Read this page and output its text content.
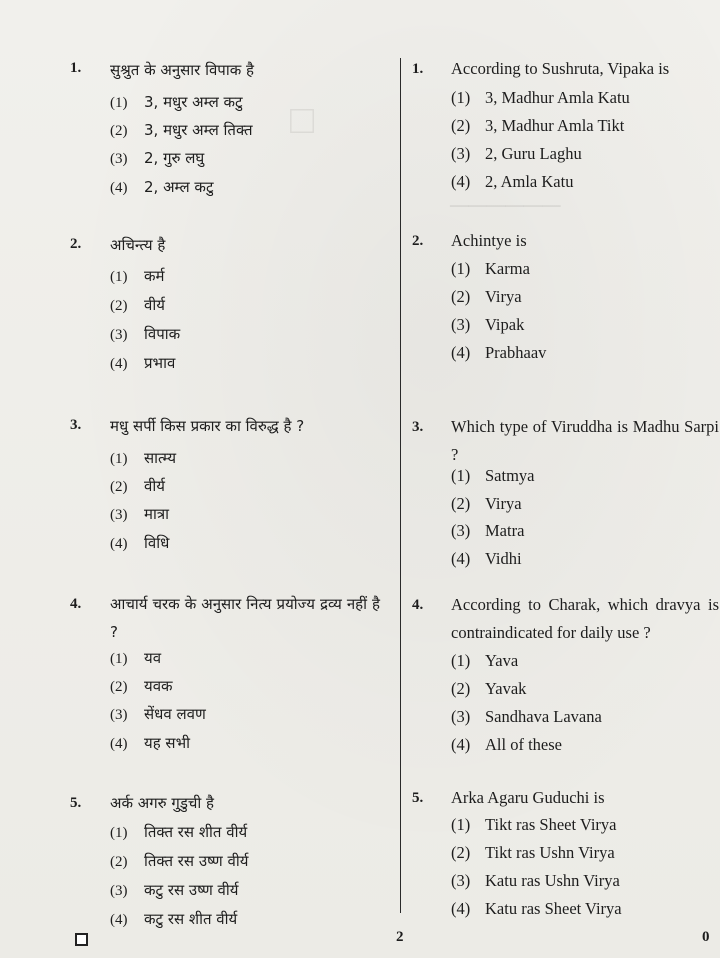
□
──────
1. सुश्रुत के अनुसार विपाक है
(1) 3, मधुर अम्ल कटु
(2) 3, मधुर अम्ल तिक्त
(3) 2, गुरु लघु
(4) 2, अम्ल कटु
2. अचिन्त्य है
(1) कर्म
(2) वीर्य
(3) विपाक
(4) प्रभाव
3. मधु सर्पी किस प्रकार का विरुद्ध है ?
(1) सात्म्य
(2) वीर्य
(3) मात्रा
(4) विधि
4. आचार्य चरक के अनुसार नित्य प्रयोज्य द्रव्य नहीं है ?
(1) यव
(2) यवक
(3) सेंधव लवण
(4) यह सभी
5. अर्क अगरु गुडुची है
(1) तिक्त रस शीत वीर्य
(2) तिक्त रस उष्ण वीर्य
(3) कटु रस उष्ण वीर्य
(4) कटु रस शीत वीर्य
1. According to Sushruta, Vipaka is
(1) 3, Madhur Amla Katu
(2) 3, Madhur Amla Tikt
(3) 2, Guru Laghu
(4) 2, Amla Katu
2. Achintye is
(1) Karma
(2) Virya
(3) Vipak
(4) Prabhaav
3. Which type of Viruddha is Madhu Sarpi ?
(1) Satmya
(2) Virya
(3) Matra
(4) Vidhi
4. According to Charak, which dravya is contraindicated for daily use ?
(1) Yava
(2) Yavak
(3) Sandhava Lavana
(4) All of these
5. Arka Agaru Guduchi is
(1) Tikt ras Sheet Virya
(2) Tikt ras Ushn Virya
(3) Katu ras Ushn Virya
(4) Katu ras Sheet Virya
2	0
